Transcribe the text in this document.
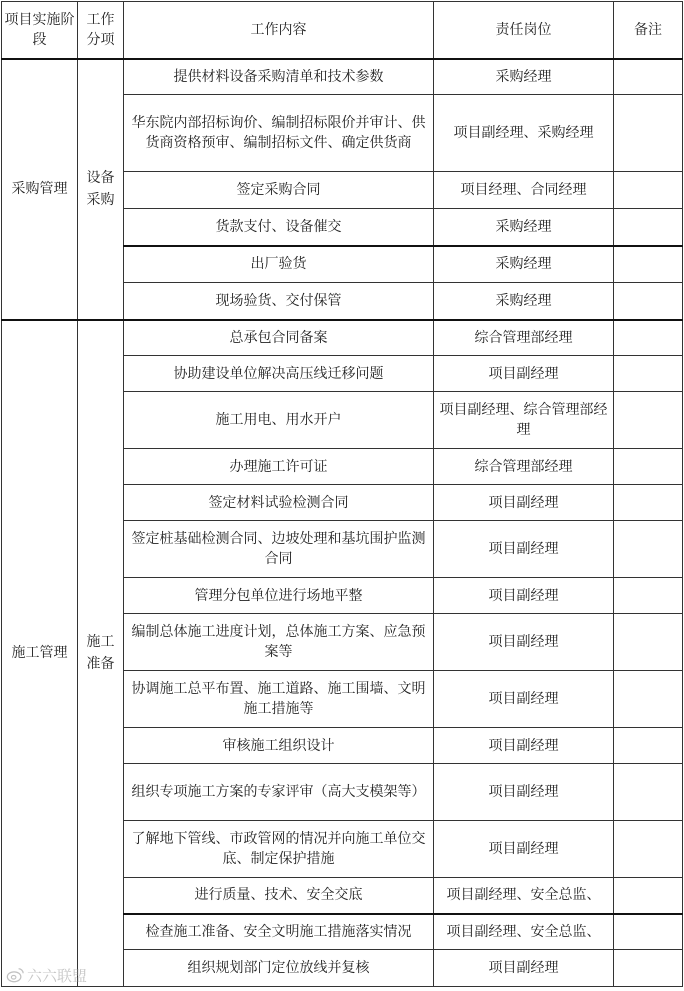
项目实施阶段	工作分项	工作内容	责任岗位	备注
采购管理	设备采购	提供材料设备采购清单和技术参数	采购经理	
		华东院内部招标询价、编制招标限价并审计、供货商资格预审、编制招标文件、确定供货商	项目副经理、采购经理	
		签定采购合同	项目经理、合同经理	
		货款支付、设备催交	采购经理	
		出厂验货	采购经理	
		现场验货、交付保管	采购经理	
施工管理	施工准备	总承包合同备案	综合管理部经理	
		协助建设单位解决高压线迁移问题	项目副经理	
		施工用电、用水开户	项目副经理、综合管理部经理	
		办理施工许可证	综合管理部经理	
		签定材料试验检测合同	项目副经理	
		签定桩基础检测合同、边坡处理和基坑围护监测合同	项目副经理	
		管理分包单位进行场地平整	项目副经理	
		编制总体施工进度计划，总体施工方案、应急预案等	项目副经理	
		协调施工总平布置、施工道路、施工围墙、文明施工措施等	项目副经理	
		审核施工组织设计	项目副经理	
		组织专项施工方案的专家评审（高大支模架等）	项目副经理	
		了解地下管线、市政管网的情况并向施工单位交底、制定保护措施	项目副经理	
		进行质量、技术、安全交底	项目副经理、安全总监、	
		检查施工准备、安全文明施工措施落实情况	项目副经理、安全总监、	
		组织规划部门定位放线并复核	项目副经理	
六六联盟
